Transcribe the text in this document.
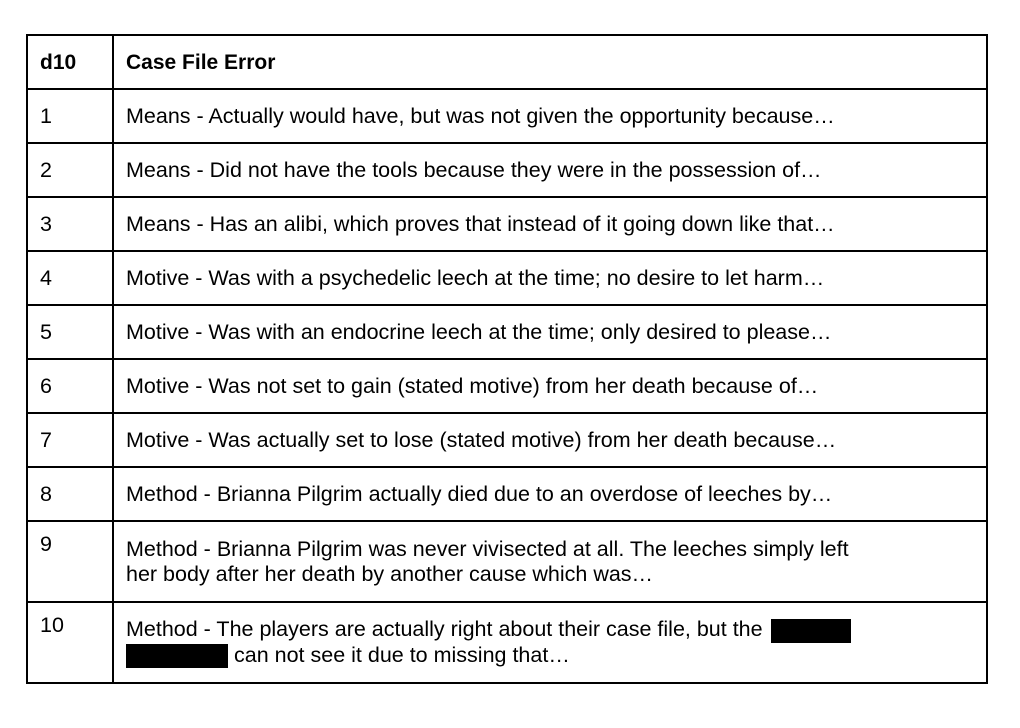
d10	Case File Error
1	Means - Actually would have, but was not given the opportunity because…
2	Means - Did not have the tools because they were in the possession of…
3	Means - Has an alibi, which proves that instead of it going down like that…
4	Motive - Was with a psychedelic leech at the time; no desire to let harm…
5	Motive - Was with an endocrine leech at the time; only desired to please…
6	Motive - Was not set to gain (stated motive) from her death because of…
7	Motive - Was actually set to lose (stated motive) from her death because…
8	Method - Brianna Pilgrim actually died due to an overdose of leeches by…
9	Method - Brianna Pilgrim was never vivisected at all. The leeches simply left
her body after her death by another cause which was…

10	Method - The players are actually right about their case file, but the
can not see it due to missing that…
